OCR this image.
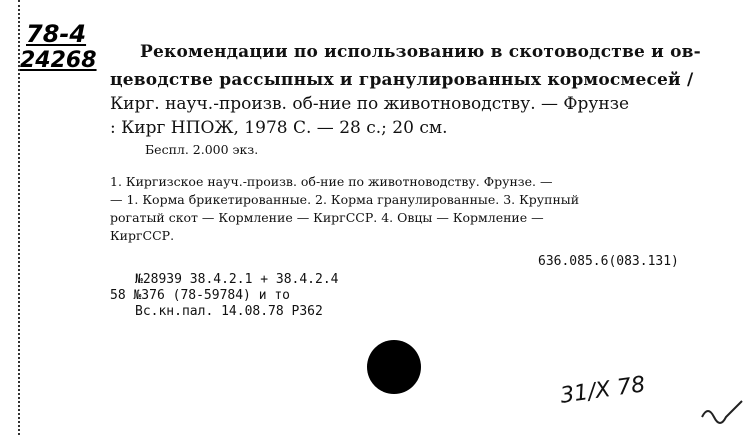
78-4
24268	Рекомендации по использованию в скотоводстве и ов-
цеводстве рассыпных и гранулированных кормосмесей /
Кирг. науч.-произв. об-ние по животноводству. — Фрунзе
: Кирг НПОЖ, 1978 С. — 28 с.; 20 см.
Беспл. 2.000 экз.
1. Киргизское науч.-произв. об-ние по животноводству. Фрунзе. —
— 1. Корма брикетированные. 2. Корма гранулированные. 3. Крупный
рогатый скот — Кормление — КиргССР. 4. Овцы — Кормление —
КиргССР.
636.085.6(083.131)
№28939 38.4.2.1 + 38.4.2.4
58 №376 (78-59784) и то
Вс.кн.пал. 14.08.78 Р362
31/X 78
